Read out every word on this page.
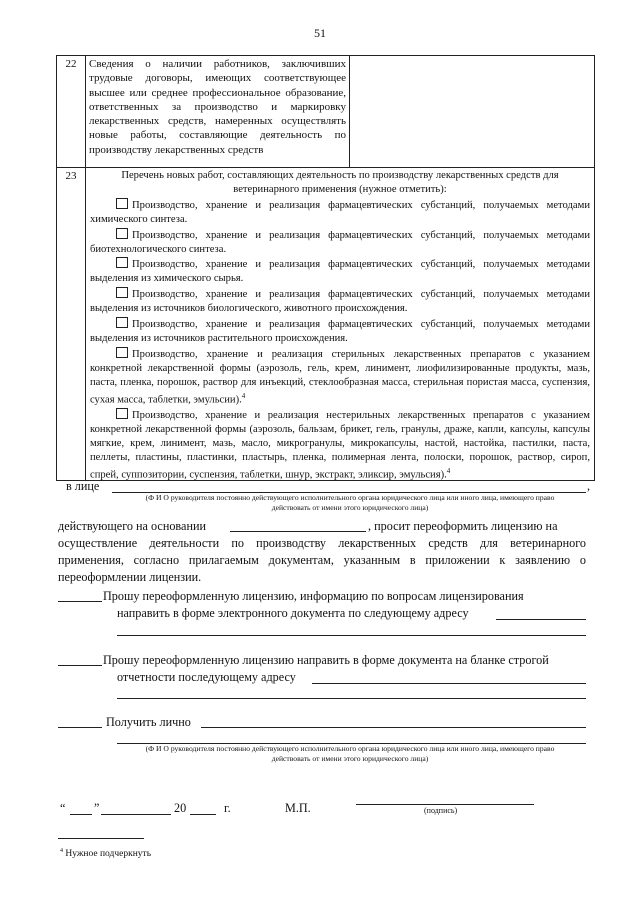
51
22	Сведения о наличии работников, заключивших трудовые договоры, имеющих соответствующее высшее или среднее профессиональное образование, ответственных за производство и маркировку лекарственных средств, намеренных осуществлять новые работы, составляющие деятельность по производству лекарственных средств
23	Перечень новых работ, составляющих деятельность по производству лекарственных средств для ветеринарного применения (нужное отметить):
Производство, хранение и реализация фармацевтических субстанций, получаемых методами химического синтеза.
Производство, хранение и реализация фармацевтических субстанций, получаемых методами биотехнологического синтеза.
Производство, хранение и реализация фармацевтических субстанций, получаемых методами выделения из химического сырья.
Производство, хранение и реализация фармацевтических субстанций, получаемых методами выделения из источников биологического, животного происхождения.
Производство, хранение и реализация фармацевтических субстанций, получаемых методами выделения из источников растительного происхождения.
Производство, хранение и реализация стерильных лекарственных препаратов с указанием конкретной лекарственной формы (аэрозоль, гель, крем, линимент, лиофилизированные продукты, мазь, паста, пленка, порошок, раствор для инъекций, стеклообразная масса, стерильная пористая масса, суспензия, сухая масса, таблетки, эмульсии).$^4$
Производство, хранение и реализация нестерильных лекарственных препаратов с указанием конкретной лекарственной формы (аэрозоль, бальзам, брикет, гель, гранулы, драже, капли, капсулы, капсулы мягкие, крем, линимент, мазь, масло, микрогранулы, микрокапсулы, настой, настойка, пастилки, паста, пеллеты, пластины, пластинки, пластырь, пленка, полимерная лента, полоски, порошок, раствор, сироп, спрей, суппозитории, суспензия, таблетки, шнур, экстракт, эликсир, эмульсия).$^4$
в лице	,
(Ф И О руководителя постоянно действующего исполнительного органа юридического лица или иного лица, имеющего право
действовать от имени этого юридического лица)
действующего на основании	, просит переоформить лицензию на
осуществление деятельности по производству лекарственных средств для ветеринарного применения, согласно прилагаемым документам, указанным в приложении к заявлению о переоформлении лицензии.
Прошу переоформленную лицензию, информацию по вопросам лицензирования
направить в форме электронного документа по следующему адресу
Прошу переоформленную лицензию направить в форме документа на бланке строгой
отчетности последующему адресу
Получить лично
(Ф И О руководителя постоянно действующего исполнительного органа юридического лица или иного лица, имеющего право
действовать от имени этого юридического лица)
“ ”	20	г.	М.П.	(подпись)
$^4$ Нужное подчеркнуть
